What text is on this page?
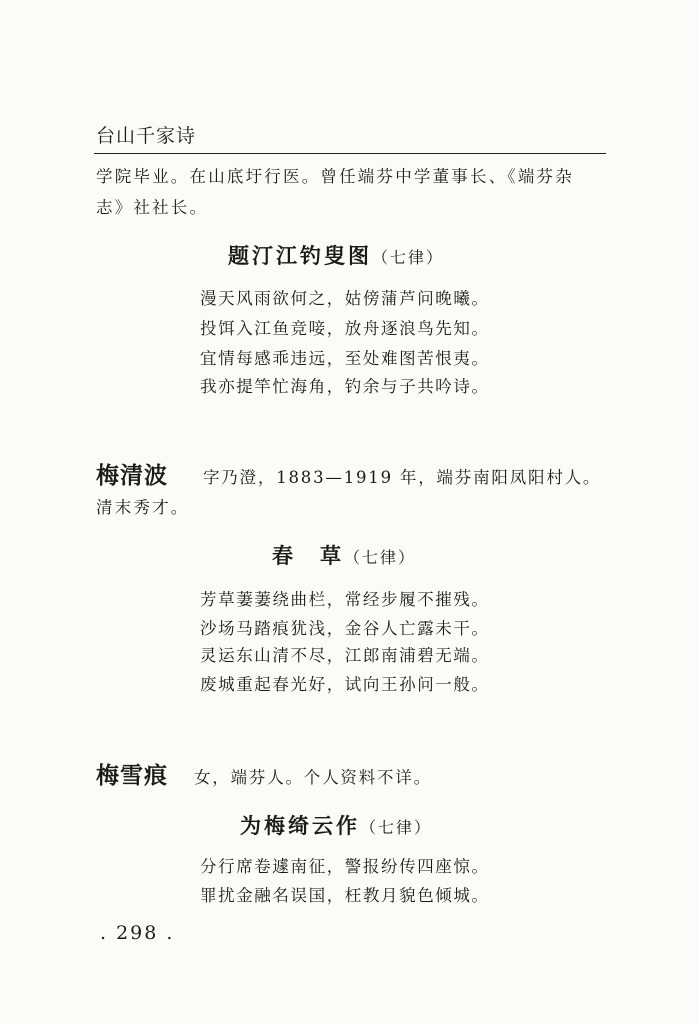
台山千家诗
学院毕业。在山底圩行医。曾任端芬中学董事长、《端芬杂
志》社社长。
题汀江钓叟图（七律）
漫天风雨欲何之，姑傍蒲芦问晚曦。
投饵入江鱼竞唼，放舟逐浪鸟先知。
宜情每感乖违远，至处难图苦恨夷。
我亦提竿忙海角，钓余与子共吟诗。
梅清波 字乃澄，1883—1919 年，端芬南阳凤阳村人。
清末秀才。
春　草（七律）
芳草萋萋绕曲栏，常经步履不摧残。
沙场马踏痕犹浅，金谷人亡露未干。
灵运东山清不尽，江郎南浦碧无端。
废城重起春光好，试向王孙问一般。
梅雪痕 女，端芬人。个人资料不详。
为梅绮云作（七律）
分行席卷遽南征，警报纷传四座惊。
罪扰金融名误国，枉教月貌色倾城。
. 298 .
